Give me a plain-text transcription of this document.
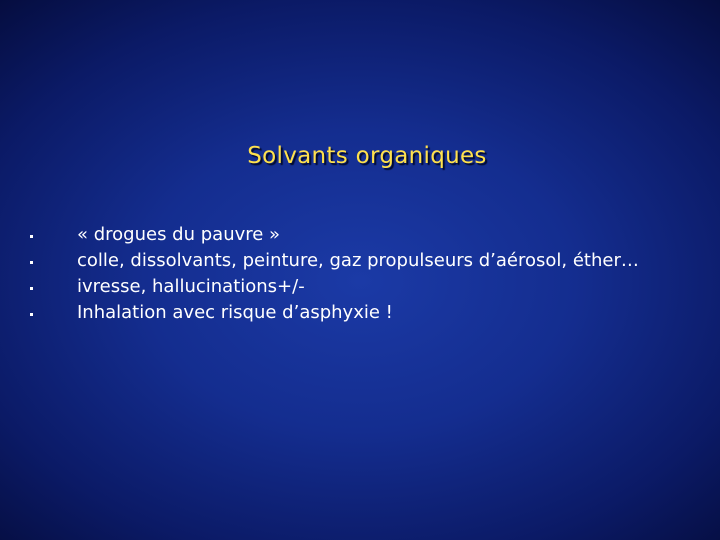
Solvants organiques
« drogues du pauvre »
colle, dissolvants, peinture, gaz propulseurs d’aérosol, éther…
ivresse, hallucinations+/-
Inhalation avec risque d’asphyxie !
